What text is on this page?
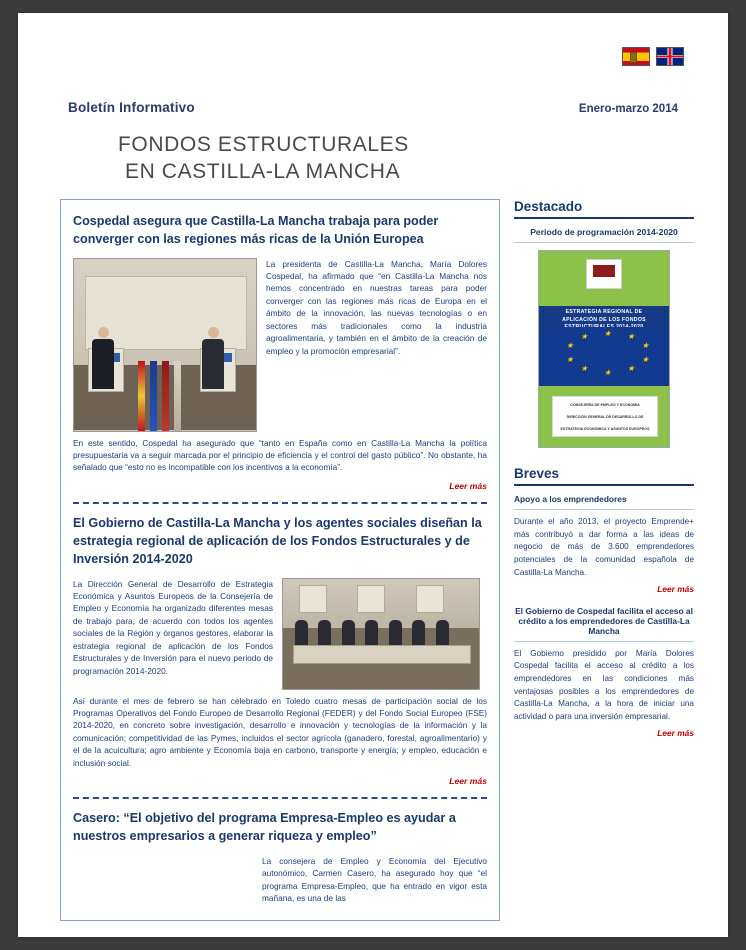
Boletín Informativo	Enero-marzo 2014
FONDOS ESTRUCTURALES
EN CASTILLA-LA MANCHA
Cospedal asegura que Castilla-La Mancha trabaja para poder converger con las regiones más ricas de la Unión Europea

La presidenta de Castilla-La Mancha, María Dolores Cospedal, ha afirmado que “en Castilla-La Mancha nos hemos concentrado en nuestras tareas para poder converger con las regiones más ricas de Europa en el ámbito de la innovación, las nuevas tecnologías o en sectores más tradicionales como la industria agroalimentaria, y también en el ámbito de la creación de empleo y la promoción empresarial”.

En este sentido, Cospedal ha asegurado que “tanto en España como en Castilla-La Mancha la política presupuestaria va a seguir marcada por el principio de eficiencia y el control del gasto público”. No obstante, ha señalado que “esto no es incompatible con los incentivos a la economía”.

Leer más
El Gobierno de Castilla-La Mancha y los agentes sociales diseñan la estrategia regional de aplicación de los Fondos Estructurales y de Inversión 2014-2020

La Dirección General de Desarrollo de Estrategia Económica y Asuntos Europeos de la Consejería de Empleo y Economía ha organizado diferentes mesas de trabajo para, de acuerdo con todos los agentes sociales de la Región y órganos gestores, elaborar la estrategia regional de aplicación de los Fondos Estructurales y de Inversión para el nuevo periodo de programación 2014-2020.

Así durante el mes de febrero se han celebrado en Toledo cuatro mesas de participación social de los Programas Operativos del Fondo Europeo de Desarrollo Regional (FEDER) y del Fondo Social Europeo (FSE) 2014-2020, en concreto sobre investigación, desarrollo e innovación y tecnologías de la información y la comunicación; competitividad de las Pymes, incluidos el sector agrícola (ganadero, forestal, agroalimentario) y el de la acuicultura; agro ambiente y Economía baja en carbono, transporte y energía; y empleo, educación e inclusión social.

Leer más
Casero: “El objetivo del programa Empresa-Empleo es ayudar a nuestros empresarios a generar riqueza y empleo”

La consejera de Empleo y Economía del Ejecutivo autonómico, Carmen Casero, ha asegurado hoy que “el programa Empresa-Empleo, que ha entrado en vigor esta mañana, es una de las

Destacado
Periodo de programación 2014-2020
ESTRATEGIA REGIONAL DE
APLICACIÓN DE LOS FONDOS

★ ★
★
★
★
★
★
★
★
★
CONSEJERÍA DE EMPLEO Y ECONOMÍA
DIRECCIÓN GENERAL DE DESARROLLO DE
ESTRATEGIA ECONÓMICA Y ASUNTOS EUROPEOS
Breves
Apoyo a los emprendedores
Durante el año 2013, el proyecto Emprende+ más contribuyó a dar forma a las ideas de negocio de más de 3.600 emprendedores potenciales de la comunidad española de Castilla-La Mancha.
Leer más
El Gobierno de Cospedal facilita el acceso al crédito a los emprendedores de Castilla-La Mancha
El Gobierno presidido por María Dolores Cospedal facilita el acceso al crédito a los emprendedores en las condiciones más ventajosas posibles a los emprendedores de Castilla-La Mancha, a la hora de iniciar una actividad o para una inversión empresarial.
Leer más
